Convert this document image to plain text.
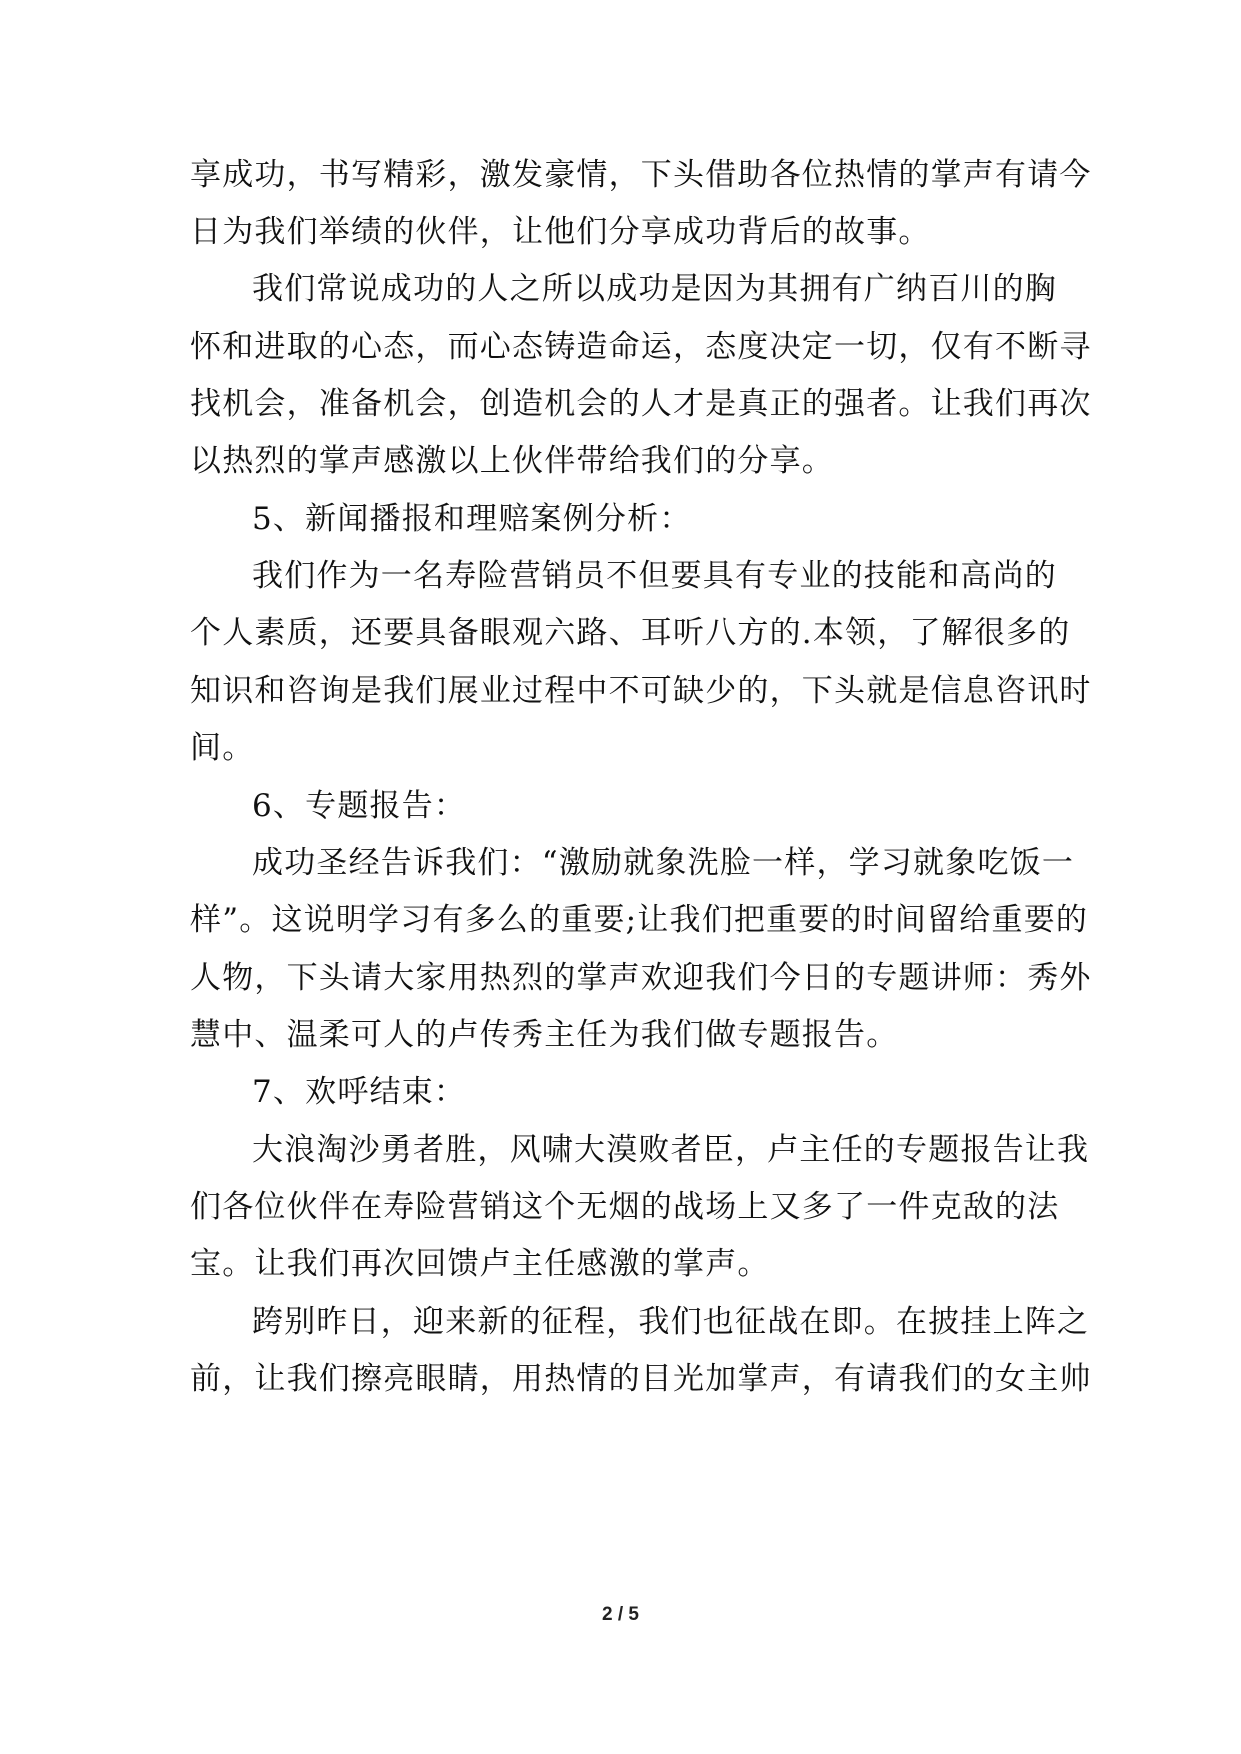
享成功，书写精彩，激发豪情，下头借助各位热情的掌声有请今
日为我们举绩的伙伴，让他们分享成功背后的故事。
我们常说成功的人之所以成功是因为其拥有广纳百川的胸
怀和进取的心态，而心态铸造命运，态度决定一切，仅有不断寻
找机会，准备机会，创造机会的人才是真正的强者。让我们再次
以热烈的掌声感激以上伙伴带给我们的分享。
5、新闻播报和理赔案例分析：
我们作为一名寿险营销员不但要具有专业的技能和高尚的
个人素质，还要具备眼观六路、耳听八方的.本领，了解很多的
知识和咨询是我们展业过程中不可缺少的，下头就是信息咨讯时
间。
6、专题报告：
成功圣经告诉我们：“激励就象洗脸一样，学习就象吃饭一
样”。这说明学习有多么的重要;让我们把重要的时间留给重要的
人物，下头请大家用热烈的掌声欢迎我们今日的专题讲师：秀外
慧中、温柔可人的卢传秀主任为我们做专题报告。
7、欢呼结束：
大浪淘沙勇者胜，风啸大漠败者臣，卢主任的专题报告让我
们各位伙伴在寿险营销这个无烟的战场上又多了一件克敌的法
宝。让我们再次回馈卢主任感激的掌声。
跨别昨日，迎来新的征程，我们也征战在即。在披挂上阵之
前，让我们擦亮眼睛，用热情的目光加掌声，有请我们的女主帅
2 / 5
